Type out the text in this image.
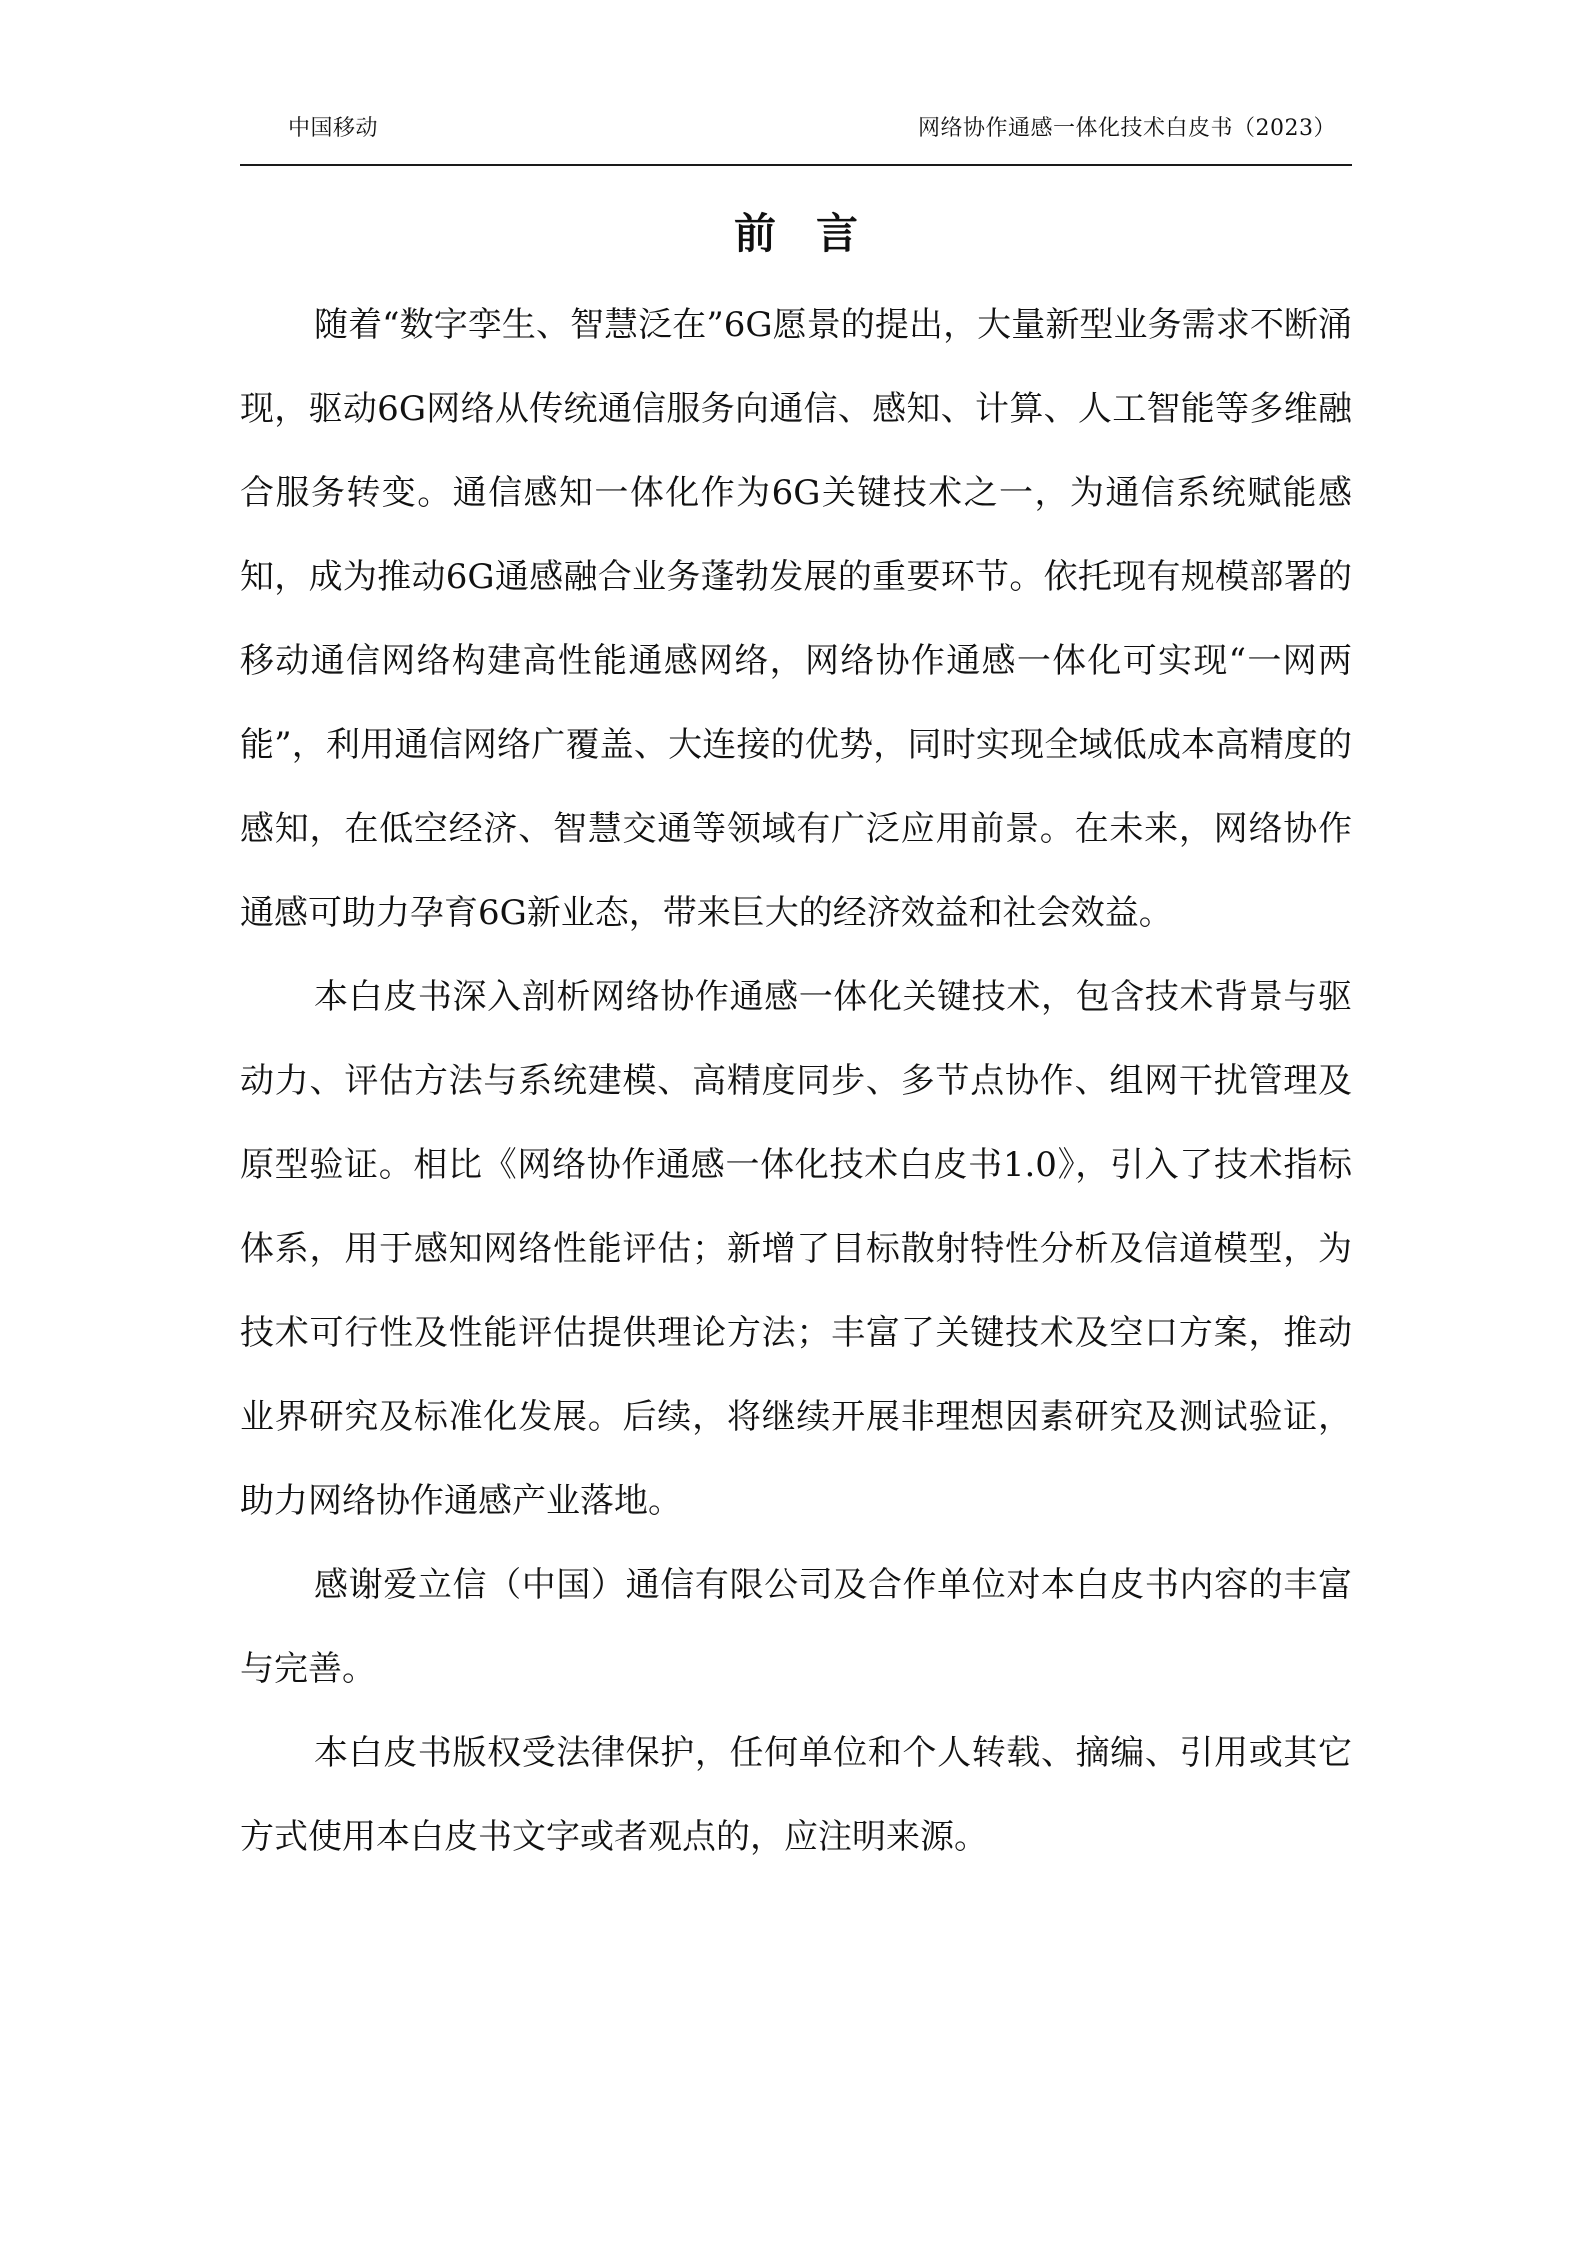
中国移动	网络协作通感一体化技术白皮书（2023）
前言

随着“数字孪生、智慧泛在”6G愿景的提出，大量新型业务需求不断涌现，驱动6G网络从传统通信服务向通信、感知、计算、人工智能等多维融合服务转变。通信感知一体化作为6G关键技术之一，为通信系统赋能感知，成为推动6G通感融合业务蓬勃发展的重要环节。依托现有规模部署的移动通信网络构建高性能通感网络，网络协作通感一体化可实现“一网两能”，利用通信网络广覆盖、大连接的优势，同时实现全域低成本高精度的感知，在低空经济、智慧交通等领域有广泛应用前景。在未来，网络协作通感可助力孕育6G新业态，带来巨大的经济效益和社会效益。

本白皮书深入剖析网络协作通感一体化关键技术，包含技术背景与驱动力、评估方法与系统建模、高精度同步、多节点协作、组网干扰管理及原型验证。相比《网络协作通感一体化技术白皮书1.0》，引入了技术指标体系，用于感知网络性能评估；新增了目标散射特性分析及信道模型，为技术可行性及性能评估提供理论方法；丰富了关键技术及空口方案，推动业界研究及标准化发展。后续，将继续开展非理想因素研究及测试验证，助力网络协作通感产业落地。

感谢爱立信（中国）通信有限公司及合作单位对本白皮书内容的丰富与完善。

本白皮书版权受法律保护，任何单位和个人转载、摘编、引用或其它方式使用本白皮书文字或者观点的，应注明来源。
